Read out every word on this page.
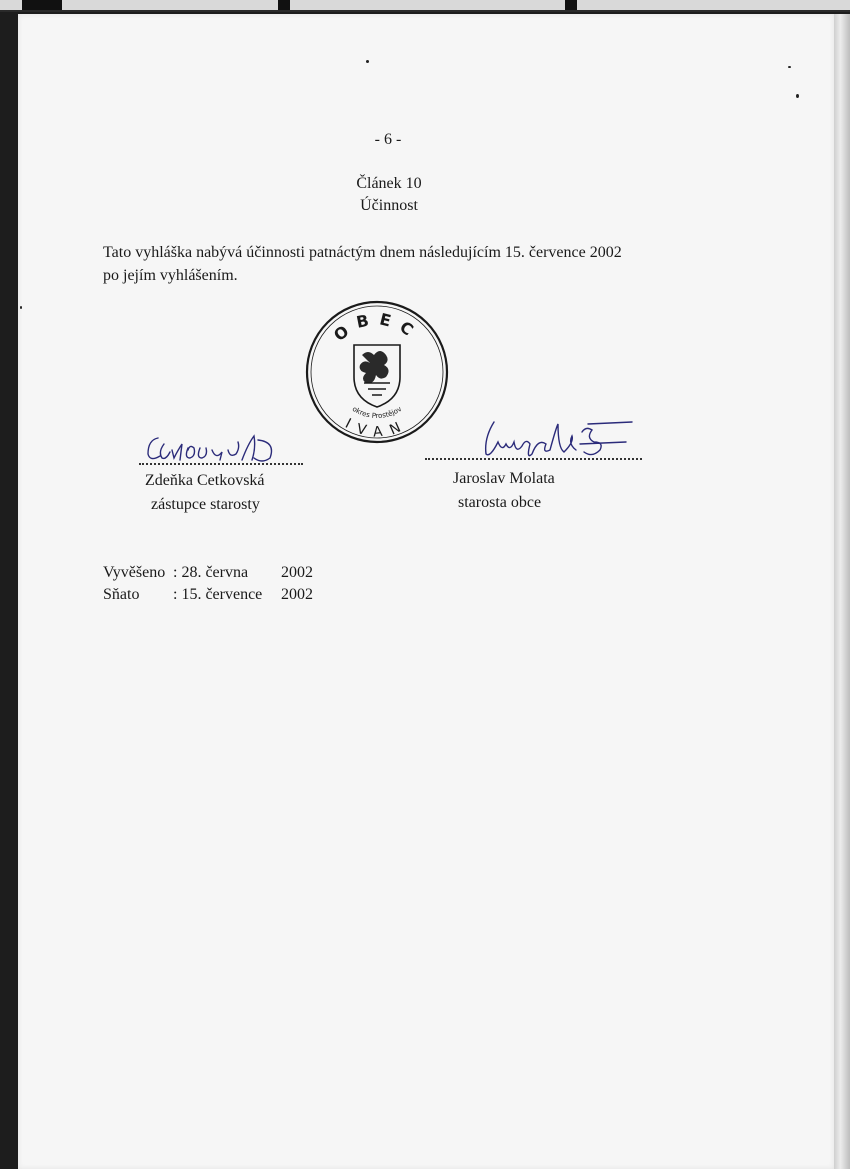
- 6 -
Článek 10
Účinnost
Tato vyhláška nabývá účinnosti patnáctým dnem následujícím 15. července 2002
po jejím vyhlášením.
OBEC
okres Prostějov
IVAN
Zdeňka Cetkovská
zástupce starosty
Jaroslav Molata
starosta obce
Vyvěšeno : 28. června 2002
Sňato : 15. července 2002
